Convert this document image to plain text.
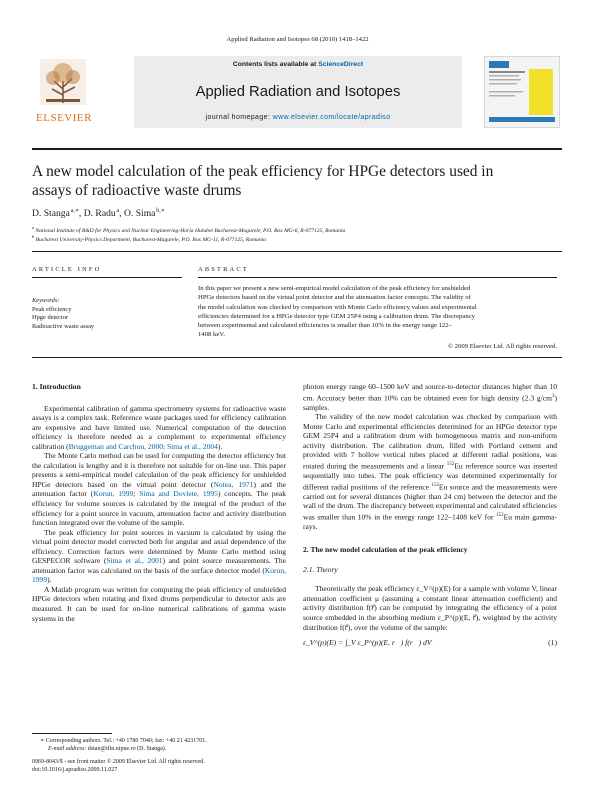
Applied Radiation and Isotopes 68 (2010) 1418–1422
ELSEVIER
Contents lists available at ScienceDirect
Applied Radiation and Isotopes
journal homepage: www.elsevier.com/locate/apradiso
A new model calculation of the peak efficiency for HPGe detectors used in
assays of radioactive waste drums
D. Stanga $^{a,∗}$, D. Radu $^a$, O. Sima $^{b,∗}$
$^a$ National Institute of R&D for Physics and Nuclear Engineering-Horia Hulubei Bucharest-Magurele, P.O. Box MG-6, R-077125, Romania
$^b$ Bucharest University-Physics Department, Bucharest-Magurele, P.O. Box MG-11, R-077125, Romania
ARTICLE INFO	ABSTRACT
Keywords:
Peak efficiency
Hpge detector
Radioactive waste assay
In this paper we present a new semi-empirical model calculation of the peak efficiency for unshielded
HPGe detectors based on the virtual point detector and the attenuation factor concepts. The validity of
the model calculation was checked by comparison with Monte Carlo efficiency values and experimental
efficiencies determined for a HPGe detector type GEM 25P4 using a calibration drum. The discrepancy
between experimental and calculated efficiencies is smaller than 10% in the energy range 122–
1408 keV.
© 2009 Elsevier Ltd. All rights reserved.
1. Introduction

Experimental calibration of gamma spectrometry systems for radioactive waste assays is a complex task. Reference waste packages used for efficiency calibration are expensive and have limited use. Numerical computation of the detection efficiency is therefore needed as a complement to experimental efficiency calibration (Bruggeman and Carchon, 2000; Sima et al., 2004).

The Monte Carlo method can be used for computing the detector efficiency but the calculation is lengthy and it is therefore not suitable for on-line use. This paper presents a semi-empirical model calculation of the peak efficiency for unshielded HPGe detectors based on the virtual point detector (Notea, 1971) and the attenuation factor (Korun, 1999; Sima and Dovlete, 1995) concepts. The peak efficiency for volume sources is calculated by the integral of the product of the efficiency for a point source in vacuum, attenuation factor and activity distribution function integrated over the volume of the sample.

The peak efficiency for point sources in vacuum is calculated by using the virtual point detector model corrected both for angular and axial dependence of the efficiency. Correction factors were determined by Monte Carlo method using GESPECOR software (Sima et al., 2001) and point source measurements. The attenuation factor was calculated on the basis of the surface detector model (Korun, 1999).

A Matlab program was written for computing the peak efficiency of unshielded HPGe detectors when rotating and fixed drums perpendicular to detector axis are measured. It can be used for on-line numerical calibrations of gamma waste systems in the

∗ Corresponding authors. Tel.: +40 1780 7040; fax: +40 21 4231701.
E-mail address: dstan@ifin.nipne.ro (D. Stanga).
0969-8043/$ - see front matter © 2009 Elsevier Ltd. All rights reserved.
doi:10.1016/j.apradiso.2009.11.027

photon energy range 60–1500 keV and source-to-detector distances higher than 10 cm. Accuracy better than 10% can be obtained even for high density (2.3 $g/cm^3$) samples.

The validity of the new model calculation was checked by comparison with Monte Carlo and experimental efficiencies determined for an HPGe detector type GEM 25P4 and a calibration drum with homogeneous matrix and non-uniform activity distribution. The calibration drum, filled with Portland cement and provided with 7 hollow vertical tubes placed at different radial positions, was rotated during the measurements and a linear $^{152}$Eu reference source was inserted sequentially into tubes. The peak efficiency was determined experimentally for different radial positions of the reference $^{152}$Eu source and the measurements were carried out for several distances (higher than 24 cm) between the detector and the wall of the drum. The discrepancy between experimental and calculated efficiencies was smaller than 10% in the energy range 122–1408 keV for $^{152}$Eu main gamma-rays.

2. The new model calculation of the peak efficiency
2.1. Theory

Theoretically the peak efficiency ε_V^(p)(E) for a sample with volume V, linear attenuation coefficient μ (assuming a constant linear attenuation coefficient) and activity distribution f(r⃗) can be computed by integrating the efficiency of a point source embedded in the absorbing medium ε_P^(p)(E, r⃗), weighted by the activity distribution f(r⃗), over the volume of the sample:

ε_V^(p)(E) = ∫_V ε_P^(p)(E, r⃗) f(r⃗) dV	(1)
